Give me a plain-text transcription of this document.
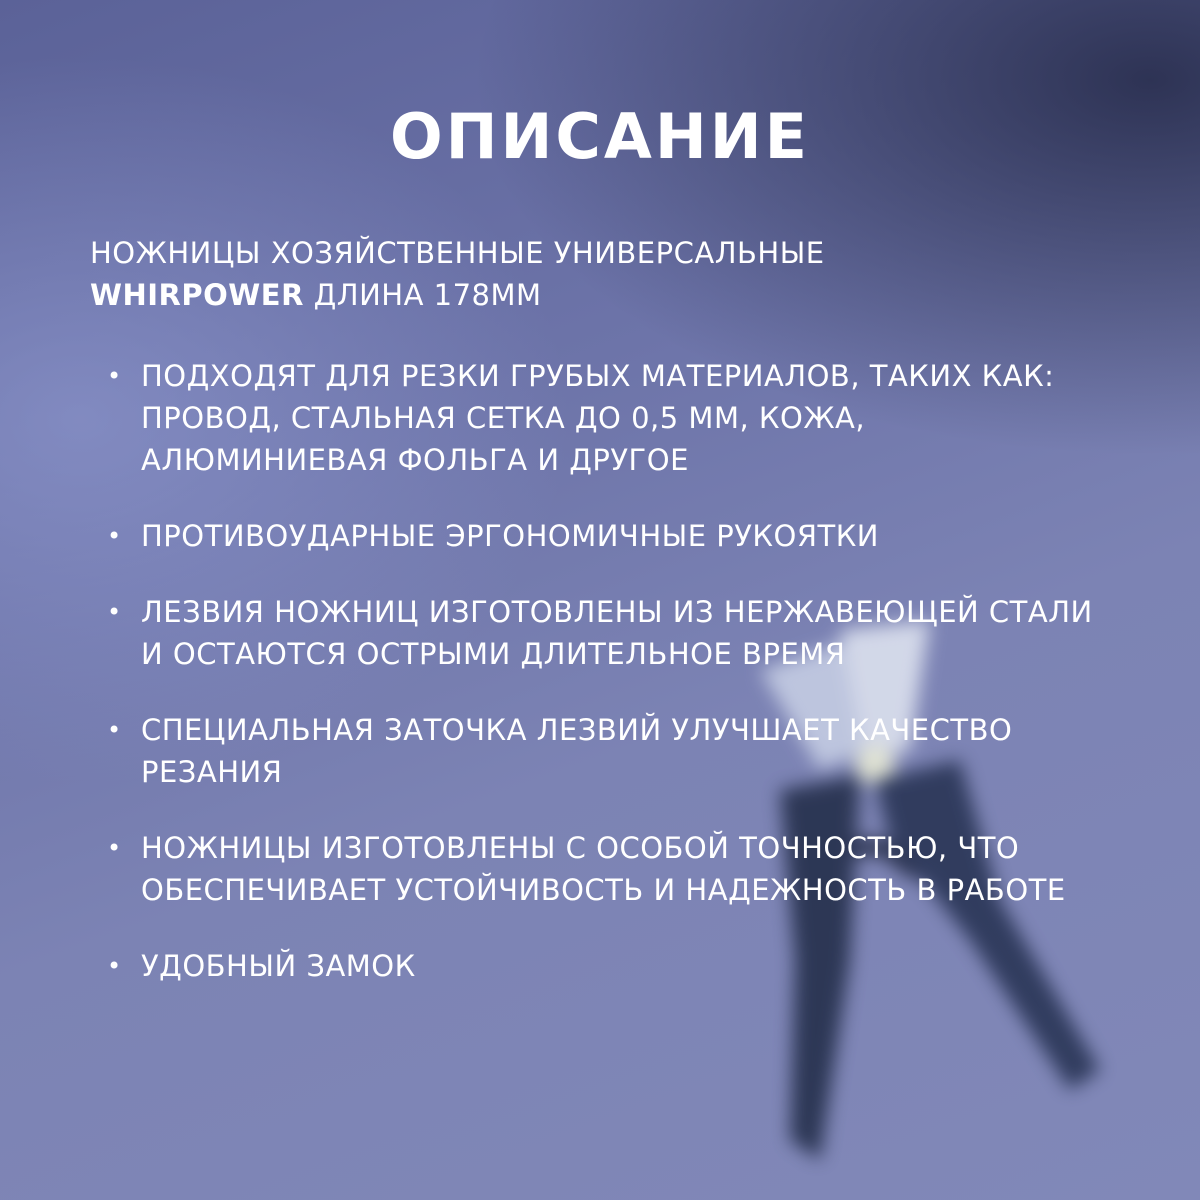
ОПИСАНИЕ

НОЖНИЦЫ ХОЗЯЙСТВЕННЫЕ УНИВЕРСАЛЬНЫЕ
WHIRPOWER ДЛИНА 178ММ

• ПОДХОДЯТ ДЛЯ РЕЗКИ ГРУБЫХ МАТЕРИАЛОВ, ТАКИХ КАК: ПРОВОД, СТАЛЬНАЯ СЕТКА ДО 0,5 ММ, КОЖА, АЛЮМИНИЕВАЯ ФОЛЬГА И ДРУГОЕ
• ПРОТИВОУДАРНЫЕ ЭРГОНОМИЧНЫЕ РУКОЯТКИ
• ЛЕЗВИЯ НОЖНИЦ ИЗГОТОВЛЕНЫ ИЗ НЕРЖАВЕЮЩЕЙ СТАЛИ И ОСТАЮТСЯ ОСТРЫМИ ДЛИТЕЛЬНОЕ ВРЕМЯ
• СПЕЦИАЛЬНАЯ ЗАТОЧКА ЛЕЗВИЙ УЛУЧШАЕТ КАЧЕСТВО РЕЗАНИЯ
• НОЖНИЦЫ ИЗГОТОВЛЕНЫ С ОСОБОЙ ТОЧНОСТЬЮ, ЧТО ОБЕСПЕЧИВАЕТ УСТОЙЧИВОСТЬ И НАДЕЖНОСТЬ В РАБОТЕ
• УДОБНЫЙ ЗАМОК
